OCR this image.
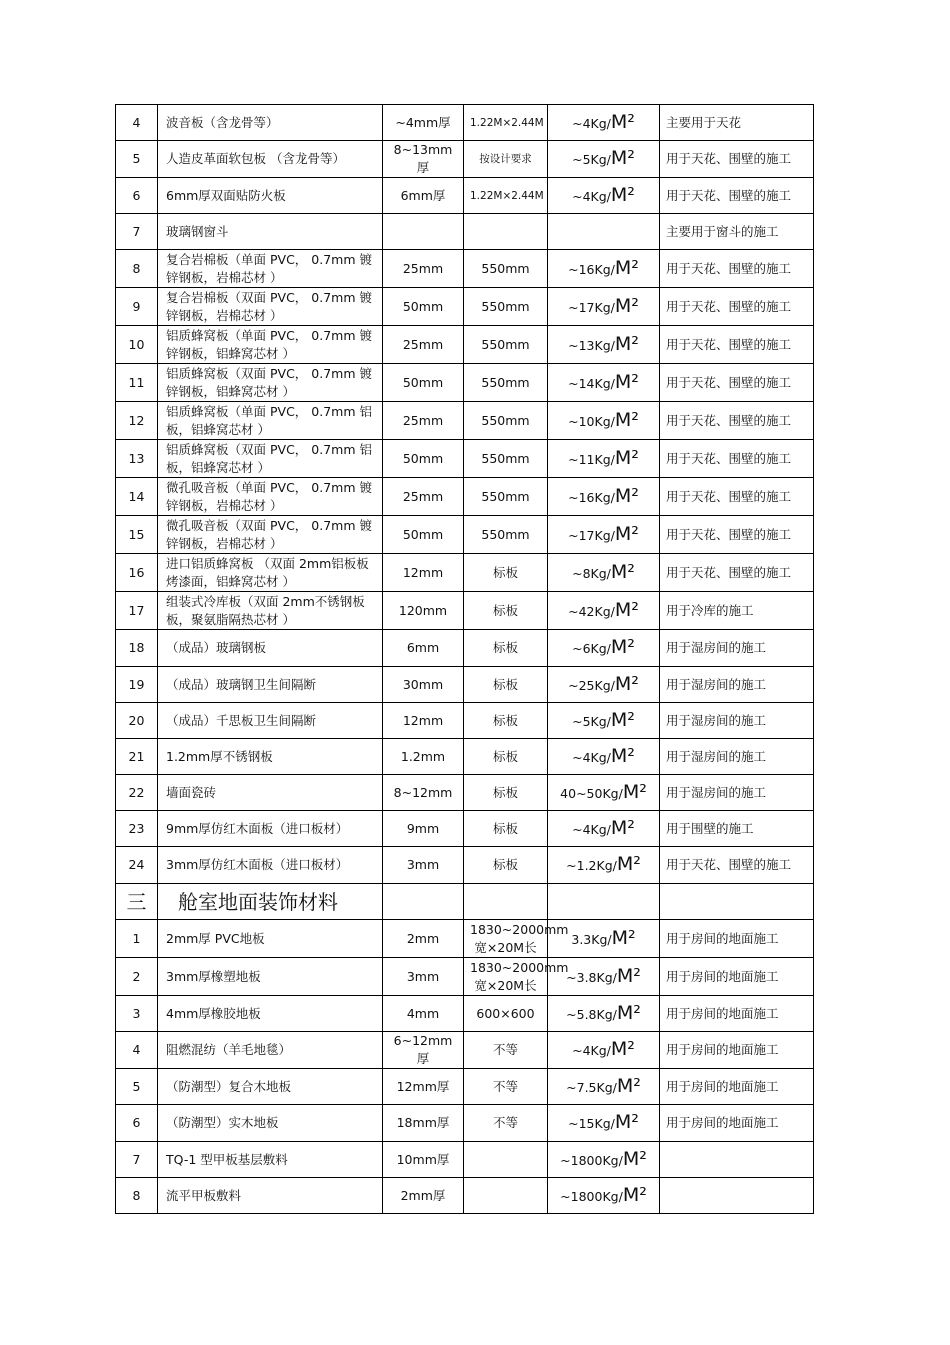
4	波音板（含龙骨等）	~4mm厚	1.22M×2.44M	~4Kg/M²	主要用于天花
5	人造皮革面软包板 （含龙骨等）	8~13mm厚	按设计要求	~5Kg/M²	用于天花、围壁的施工
6	6mm厚双面贴防火板	6mm厚	1.22M×2.44M	~4Kg/M²	用于天花、围壁的施工
7	玻璃钢窗斗				主要用于窗斗的施工
8	复合岩棉板（单面 PVC， 0.7mm 镀锌钢板，岩棉芯材 ）	25mm	550mm	~16Kg/M²	用于天花、围壁的施工
9	复合岩棉板（双面 PVC， 0.7mm 镀锌钢板，岩棉芯材 ）	50mm	550mm	~17Kg/M²	用于天花、围壁的施工
10	铝质蜂窝板（单面 PVC， 0.7mm 镀锌钢板，铝蜂窝芯材 ）	25mm	550mm	~13Kg/M²	用于天花、围壁的施工
11	铝质蜂窝板（双面 PVC， 0.7mm 镀锌钢板，铝蜂窝芯材 ）	50mm	550mm	~14Kg/M²	用于天花、围壁的施工
12	铝质蜂窝板（单面 PVC， 0.7mm 铝板，铝蜂窝芯材 ）	25mm	550mm	~10Kg/M²	用于天花、围壁的施工
13	铝质蜂窝板（双面 PVC， 0.7mm 铝板，铝蜂窝芯材 ）	50mm	550mm	~11Kg/M²	用于天花、围壁的施工
14	微孔吸音板（单面 PVC， 0.7mm 镀锌钢板，岩棉芯材 ）	25mm	550mm	~16Kg/M²	用于天花、围壁的施工
15	微孔吸音板（双面 PVC， 0.7mm 镀锌钢板，岩棉芯材 ）	50mm	550mm	~17Kg/M²	用于天花、围壁的施工
16	进口铝质蜂窝板 （双面 2mm铝板板烤漆面，铝蜂窝芯材 ）	12mm	标板	~8Kg/M²	用于天花、围壁的施工
17	组装式冷库板（双面 2mm不锈钢板板，聚氨脂隔热芯材 ）	120mm	标板	~42Kg/M²	用于冷库的施工
18	（成品）玻璃钢板	6mm	标板	~6Kg/M²	用于湿房间的施工
19	（成品）玻璃钢卫生间隔断	30mm	标板	~25Kg/M²	用于湿房间的施工
20	（成品）千思板卫生间隔断	12mm	标板	~5Kg/M²	用于湿房间的施工
21	1.2mm厚不锈钢板	1.2mm	标板	~4Kg/M²	用于湿房间的施工
22	墙面瓷砖	8~12mm	标板	40~50Kg/M²	用于湿房间的施工
23	9mm厚仿红木面板（进口板材）	9mm	标板	~4Kg/M²	用于围壁的施工
24	3mm厚仿红木面板（进口板材）	3mm	标板	~1.2Kg/M²	用于天花、围壁的施工
三	舱室地面装饰材料				
1	2mm厚 PVC地板	2mm	1830~2000mm宽×20M长	3.3Kg/M²	用于房间的地面施工
2	3mm厚橡塑地板	3mm	1830~2000mm宽×20M长	~3.8Kg/M²	用于房间的地面施工
3	4mm厚橡胶地板	4mm	600×600	~5.8Kg/M²	用于房间的地面施工
4	阻燃混纺（羊毛地毯）	6~12mm厚	不等	~4Kg/M²	用于房间的地面施工
5	（防潮型）复合木地板	12mm厚	不等	~7.5Kg/M²	用于房间的地面施工
6	（防潮型）实木地板	18mm厚	不等	~15Kg/M²	用于房间的地面施工
7	TQ-1 型甲板基层敷料	10mm厚		~1800Kg/M²	
8	流平甲板敷料	2mm厚		~1800Kg/M²	
